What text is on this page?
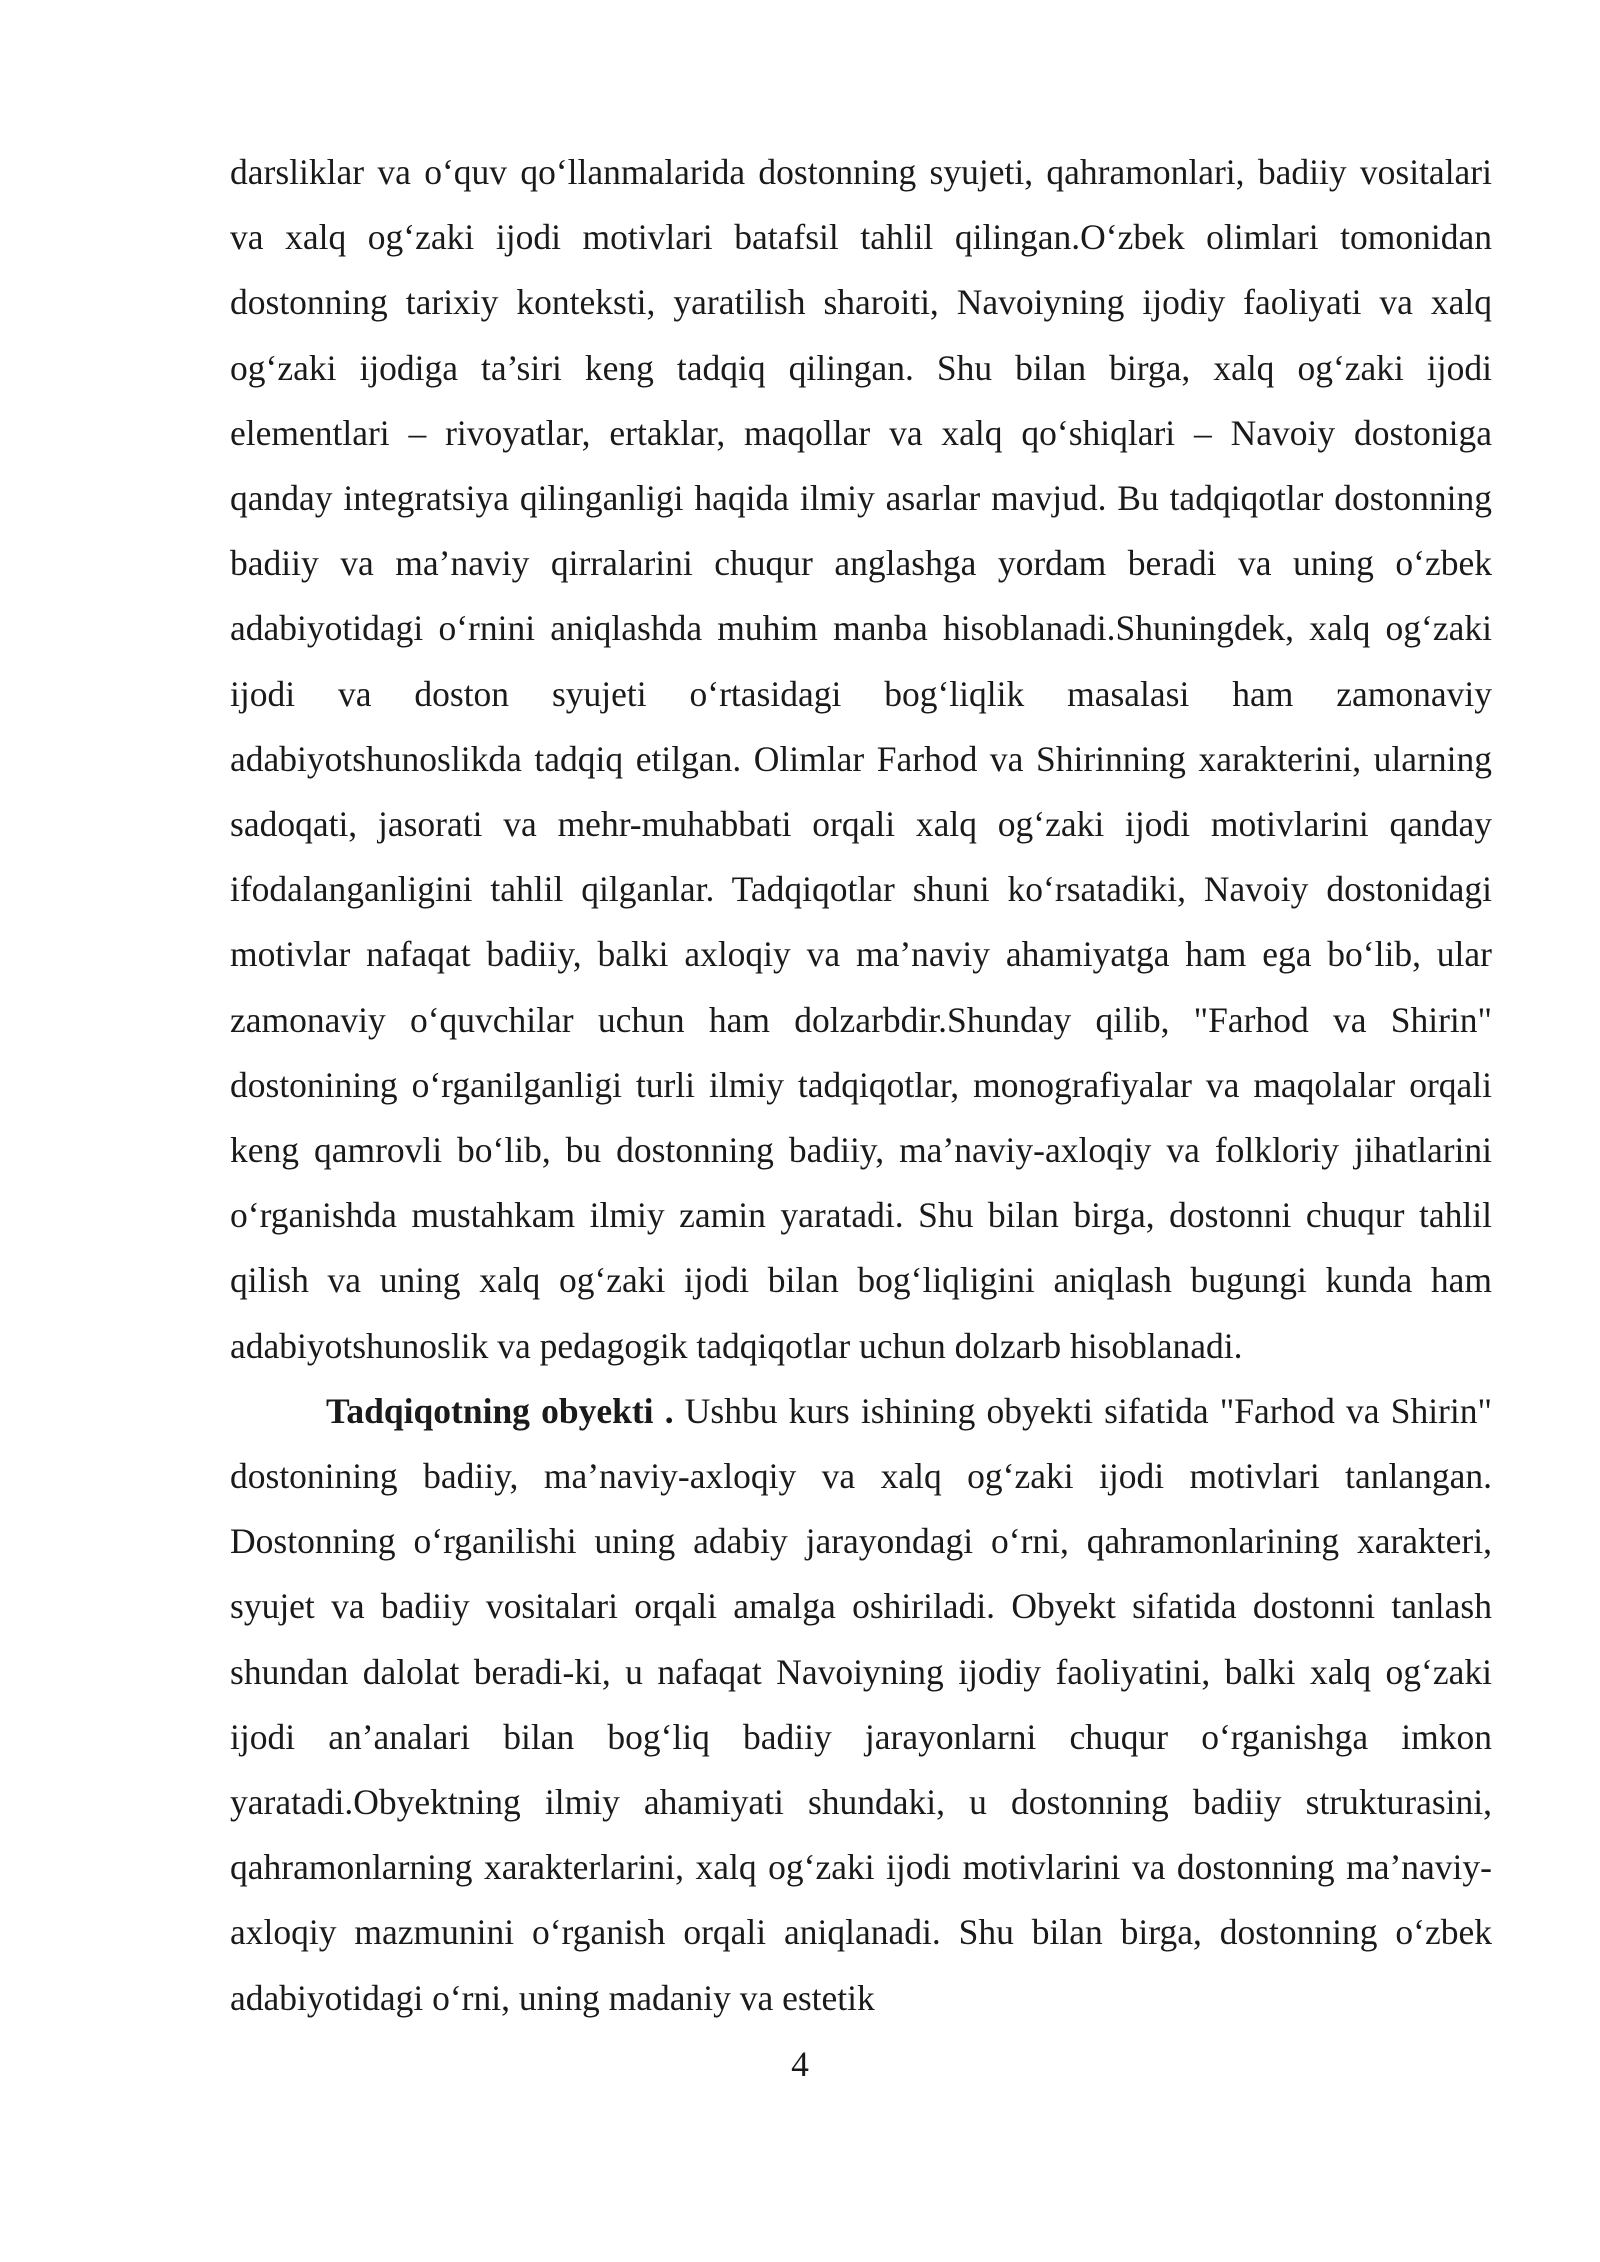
darsliklar va o‘quv qo‘llanmalarida dostonning syujeti, qahramonlari, badiiy vositalari va xalq og‘zaki ijodi motivlari batafsil tahlil qilingan.O‘zbek olimlari tomonidan dostonning tarixiy konteksti, yaratilish sharoiti, Navoiyning ijodiy faoliyati va xalq og‘zaki ijodiga ta’siri keng tadqiq qilingan. Shu bilan birga, xalq og‘zaki ijodi elementlari – rivoyatlar, ertaklar, maqollar va xalq qo‘shiqlari – Navoiy dostoniga qanday integratsiya qilinganligi haqida ilmiy asarlar mavjud. Bu tadqiqotlar dostonning badiiy va ma’naviy qirralarini chuqur anglashga yordam beradi va uning o‘zbek adabiyotidagi o‘rnini aniqlashda muhim manba hisoblanadi.Shuningdek, xalq og‘zaki ijodi va doston syujeti o‘rtasidagi bog‘liqlik masalasi ham zamonaviy adabiyotshunoslikda tadqiq etilgan. Olimlar Farhod va Shirinning xarakterini, ularning sadoqati, jasorati va mehr-muhabbati orqali xalq og‘zaki ijodi motivlarini qanday ifodalanganligini tahlil qilganlar. Tadqiqotlar shuni ko‘rsatadiki, Navoiy dostonidagi motivlar nafaqat badiiy, balki axloqiy va ma’naviy ahamiyatga ham ega bo‘lib, ular zamonaviy o‘quvchilar uchun ham dolzarbdir.Shunday qilib, "Farhod va Shirin" dostonining o‘rganilganligi turli ilmiy tadqiqotlar, monografiyalar va maqolalar orqali keng qamrovli bo‘lib, bu dostonning badiiy, ma’naviy-axloqiy va folkloriy jihatlarini o‘rganishda mustahkam ilmiy zamin yaratadi. Shu bilan birga, dostonni chuqur tahlil qilish va uning xalq og‘zaki ijodi bilan bog‘liqligini aniqlash bugungi kunda ham adabiyotshunoslik va pedagogik tadqiqotlar uchun dolzarb hisoblanadi.

Tadqiqotning obyekti . Ushbu kurs ishining obyekti sifatida "Farhod va Shirin" dostonining badiiy, ma’naviy-axloqiy va xalq og‘zaki ijodi motivlari tanlangan. Dostonning o‘rganilishi uning adabiy jarayondagi o‘rni, qahramonlarining xarakteri, syujet va badiiy vositalari orqali amalga oshiriladi. Obyekt sifatida dostonni tanlash shundan dalolat beradi-ki, u nafaqat Navoiyning ijodiy faoliyatini, balki xalq og‘zaki ijodi an’analari bilan bog‘liq badiiy jarayonlarni chuqur o‘rganishga imkon yaratadi.Obyektning ilmiy ahamiyati shundaki, u dostonning badiiy strukturasini, qahramonlarning xarakterlarini, xalq og‘zaki ijodi motivlarini va dostonning ma’naviy-axloqiy mazmunini o‘rganish orqali aniqlanadi. Shu bilan birga, dostonning o‘zbek adabiyotidagi o‘rni, uning madaniy va estetik

4
